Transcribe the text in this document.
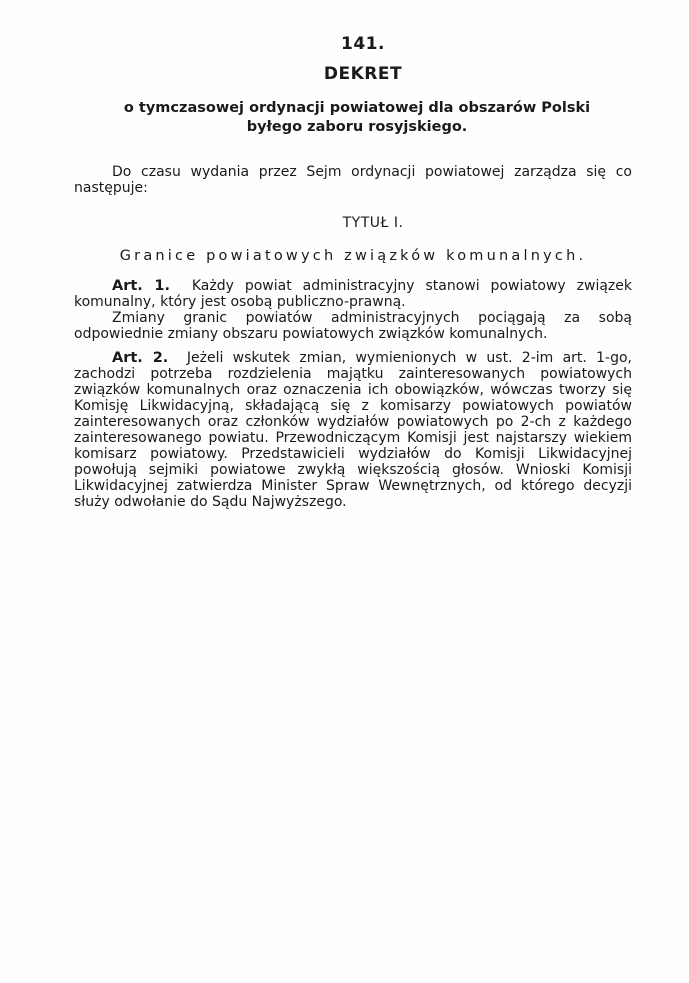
141.
DEKRET
o tymczasowej ordynacji powiatowej dla obszarów Polski
byłego zaboru rosyjskiego.

Do czasu wydania przez Sejm ordynacji powiatowej zarządza się co następuje:

TYTUŁ I.
Granice powiatowych związków komunalnych.

Art. 1. Każdy powiat administracyjny stanowi powiatowy związek komunalny, który jest osobą publiczno-prawną.

Zmiany granic powiatów administracyjnych pociągają za sobą odpowiednie zmiany obszaru powiatowych związków komunalnych.

Art. 2. Jeżeli wskutek zmian, wymienionych w ust. 2-im art. 1-go, zachodzi potrzeba rozdzielenia majątku zainteresowanych powiatowych związków komunalnych oraz oznaczenia ich obowiązków, wówczas tworzy się Komisję Likwidacyjną, składającą się z komisarzy powiatowych powiatów zainteresowanych oraz członków wydziałów powiatowych po 2-ch z każdego zainteresowanego powiatu. Przewodniczącym Komisji jest najstarszy wiekiem komisarz powiatowy. Przedstawicieli wydziałów do Komisji Likwidacyjnej powołują sejmiki powiatowe zwykłą większością głosów. Wnioski Komisji Likwidacyjnej zatwierdza Minister Spraw Wewnętrznych, od którego decyzji służy odwołanie do Sądu Najwyższego.
